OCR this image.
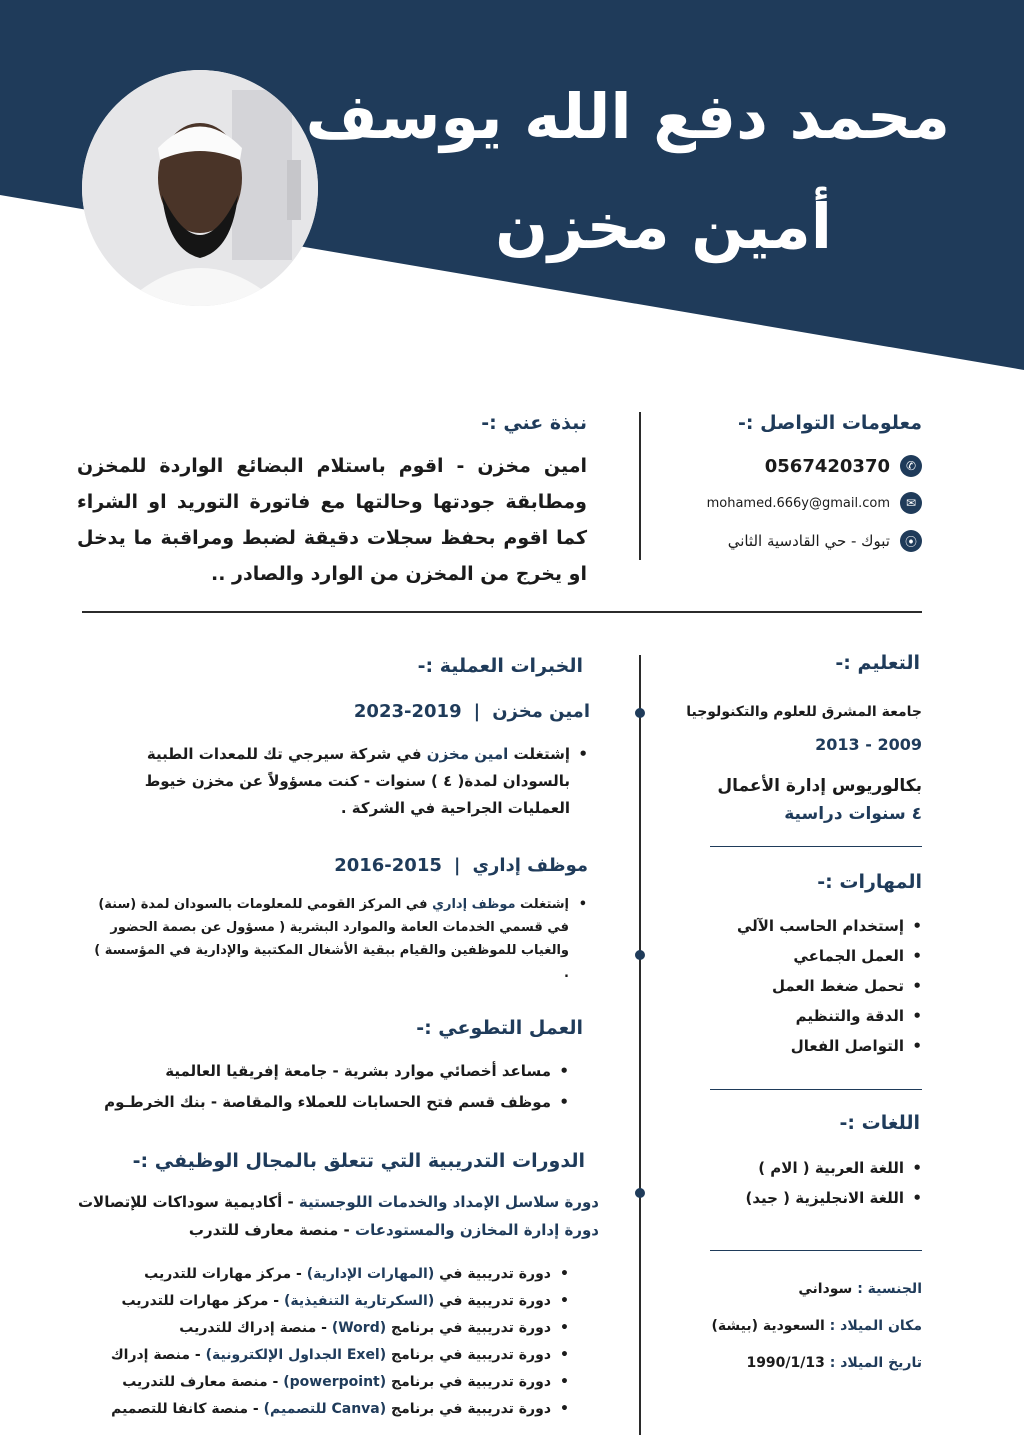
محمد دفع الله يوسف
أمين مخزن
معلومات التواصل :-
✆
0567420370
✉
mohamed.666y@gmail.com
⦿
تبوك - حي القادسية الثاني
نبذة عني :-
امين مخزن - اقوم باستلام البضائع الواردة للمخزن ومطابقة جودتها وحالتها مع فاتورة التوريد او الشراء كما اقوم بحفظ سجلات دقيقة لضبط ومراقبة ما يدخل او يخرج من المخزن من الوارد والصادر ..
الخبرات العملية :-
امين مخزن|2019-2023
• إشتغلت امين مخزن في شركة سيرجي تك للمعدات الطبية بالسودان لمدة( ٤ ) سنوات - كنت مسؤولاً عن مخزن خيوط العمليات الجراحية في الشركة .
موظف إداري|2015-2016
• إشتغلت موظف إداري في المركز القومي للمعلومات بالسودان لمدة (سنة) في قسمي الخدمات العامة والموارد البشرية ( مسؤول عن بصمة الحضور والغياب للموظفين والقيام ببقية الأشغال المكتبية والإدارية في المؤسسة ) .
العمل التطوعي :-
• مساعد أخصائي موارد بشرية - جامعة إفريقيا العالمية
• موظف قسم فتح الحسابات للعملاء والمقاصة - بنك الخرطـوم
الدورات التدريبية التي تتعلق بالمجال الوظيفي :-
دورة سلاسل الإمداد والخدمات اللوجستية - أكاديمية سوداكات للإتصالات
دورة إدارة المخازن والمستودعات - منصة معارف للتدرب
• دورة تدريبية في (المهارات الإدارية) - مركز مهارات للتدريب
• دورة تدريبية في (السكرتارية التنفيذية) - مركز مهارات للتدريب
• دورة تدريبية في برنامج (Word) - منصة إدراك للتدريب
• دورة تدريبية في برنامج (Exel الجداول الإلكترونية) - منصة إدراك
• دورة تدريبية في برنامج (powerpoint) - منصة معارف للتدريب
• دورة تدريبية في برنامج (Canva للتصميم) - منصة كانفا للتصميم
التعليم :-
جامعة المشرق للعلوم والتكنولوجيا
2009 - 2013
بكالوريوس إدارة الأعمال
٤ سنوات دراسية
المهارات :-
• إستخدام الحاسب الآلي
• العمل الجماعي
• تحمل ضغط العمل
• الدقة والتنظيم
• التواصل الفعال
اللغات :-
• اللغة العربية ( الام )
• اللغة الانجليزية ( جيد)
الجنسية : سوداني
مكان الميلاد : السعودية (بيشة)
تاريخ الميلاد : 1990/1/13
